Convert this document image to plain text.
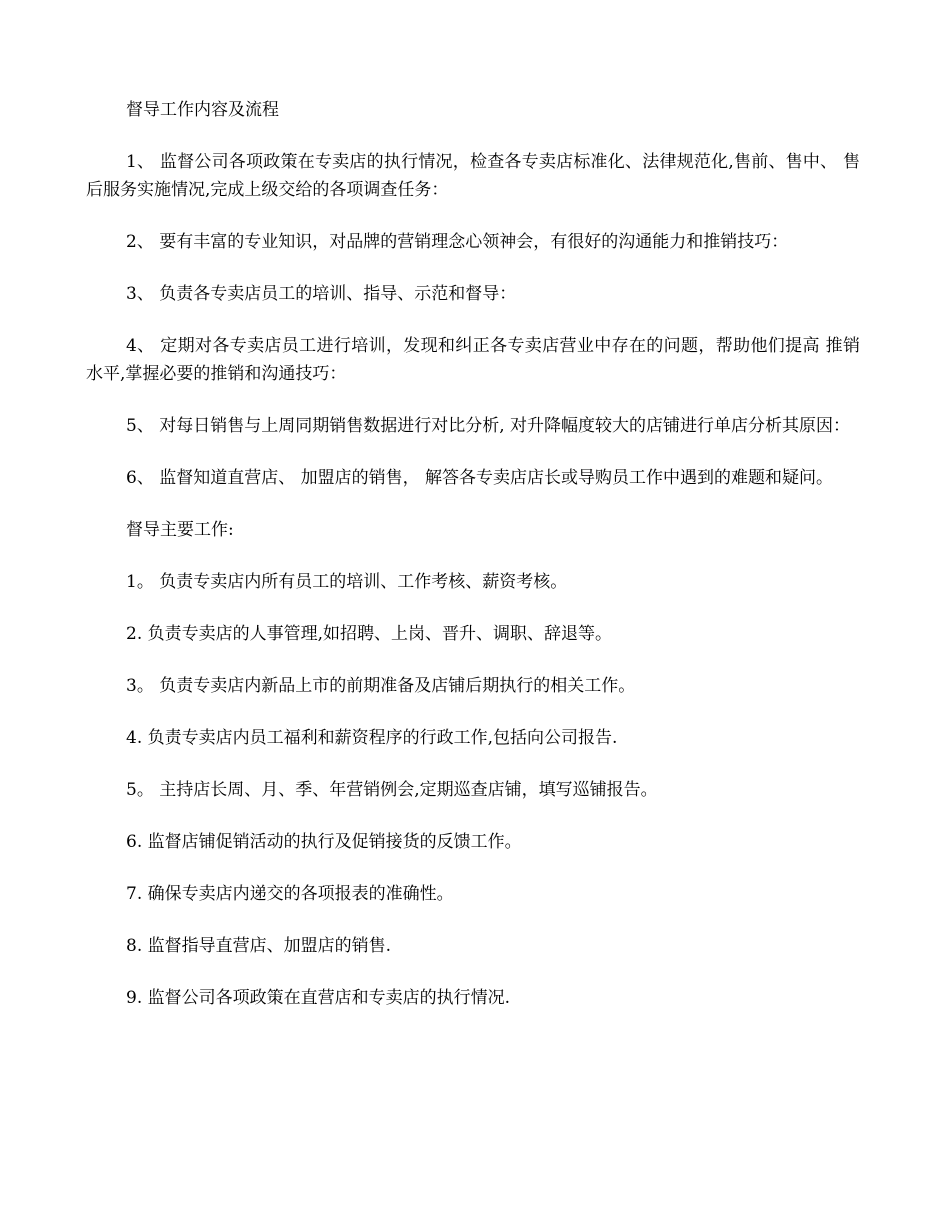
督导工作内容及流程

1、 监督公司各项政策在专卖店的执行情况，检查各专卖店标准化、法律规范化,售前、售中、 售后服务实施情况,完成上级交给的各项调查任务：

2、 要有丰富的专业知识，对品牌的营销理念心领神会，有很好的沟通能力和推销技巧：

3、 负责各专卖店员工的培训、指导、示范和督导：

4、 定期对各专卖店员工进行培训，发现和纠正各专卖店营业中存在的问题，帮助他们提高 推销水平,掌握必要的推销和沟通技巧：

5、 对每日销售与上周同期销售数据进行对比分析, 对升降幅度较大的店铺进行单店分析其原因：

6、 监督知道直营店、 加盟店的销售， 解答各专卖店店长或导购员工作中遇到的难题和疑问。

督导主要工作:

1。 负责专卖店内所有员工的培训、工作考核、薪资考核。

2. 负责专卖店的人事管理,如招聘、上岗、晋升、调职、辞退等。

3。 负责专卖店内新品上市的前期准备及店铺后期执行的相关工作。

4. 负责专卖店内员工福利和薪资程序的行政工作,包括向公司报告.

5。 主持店长周、月、季、年营销例会,定期巡查店铺，填写巡铺报告。

6. 监督店铺促销活动的执行及促销接货的反馈工作。

7. 确保专卖店内递交的各项报表的准确性。

8. 监督指导直营店、加盟店的销售.

9. 监督公司各项政策在直营店和专卖店的执行情况.
